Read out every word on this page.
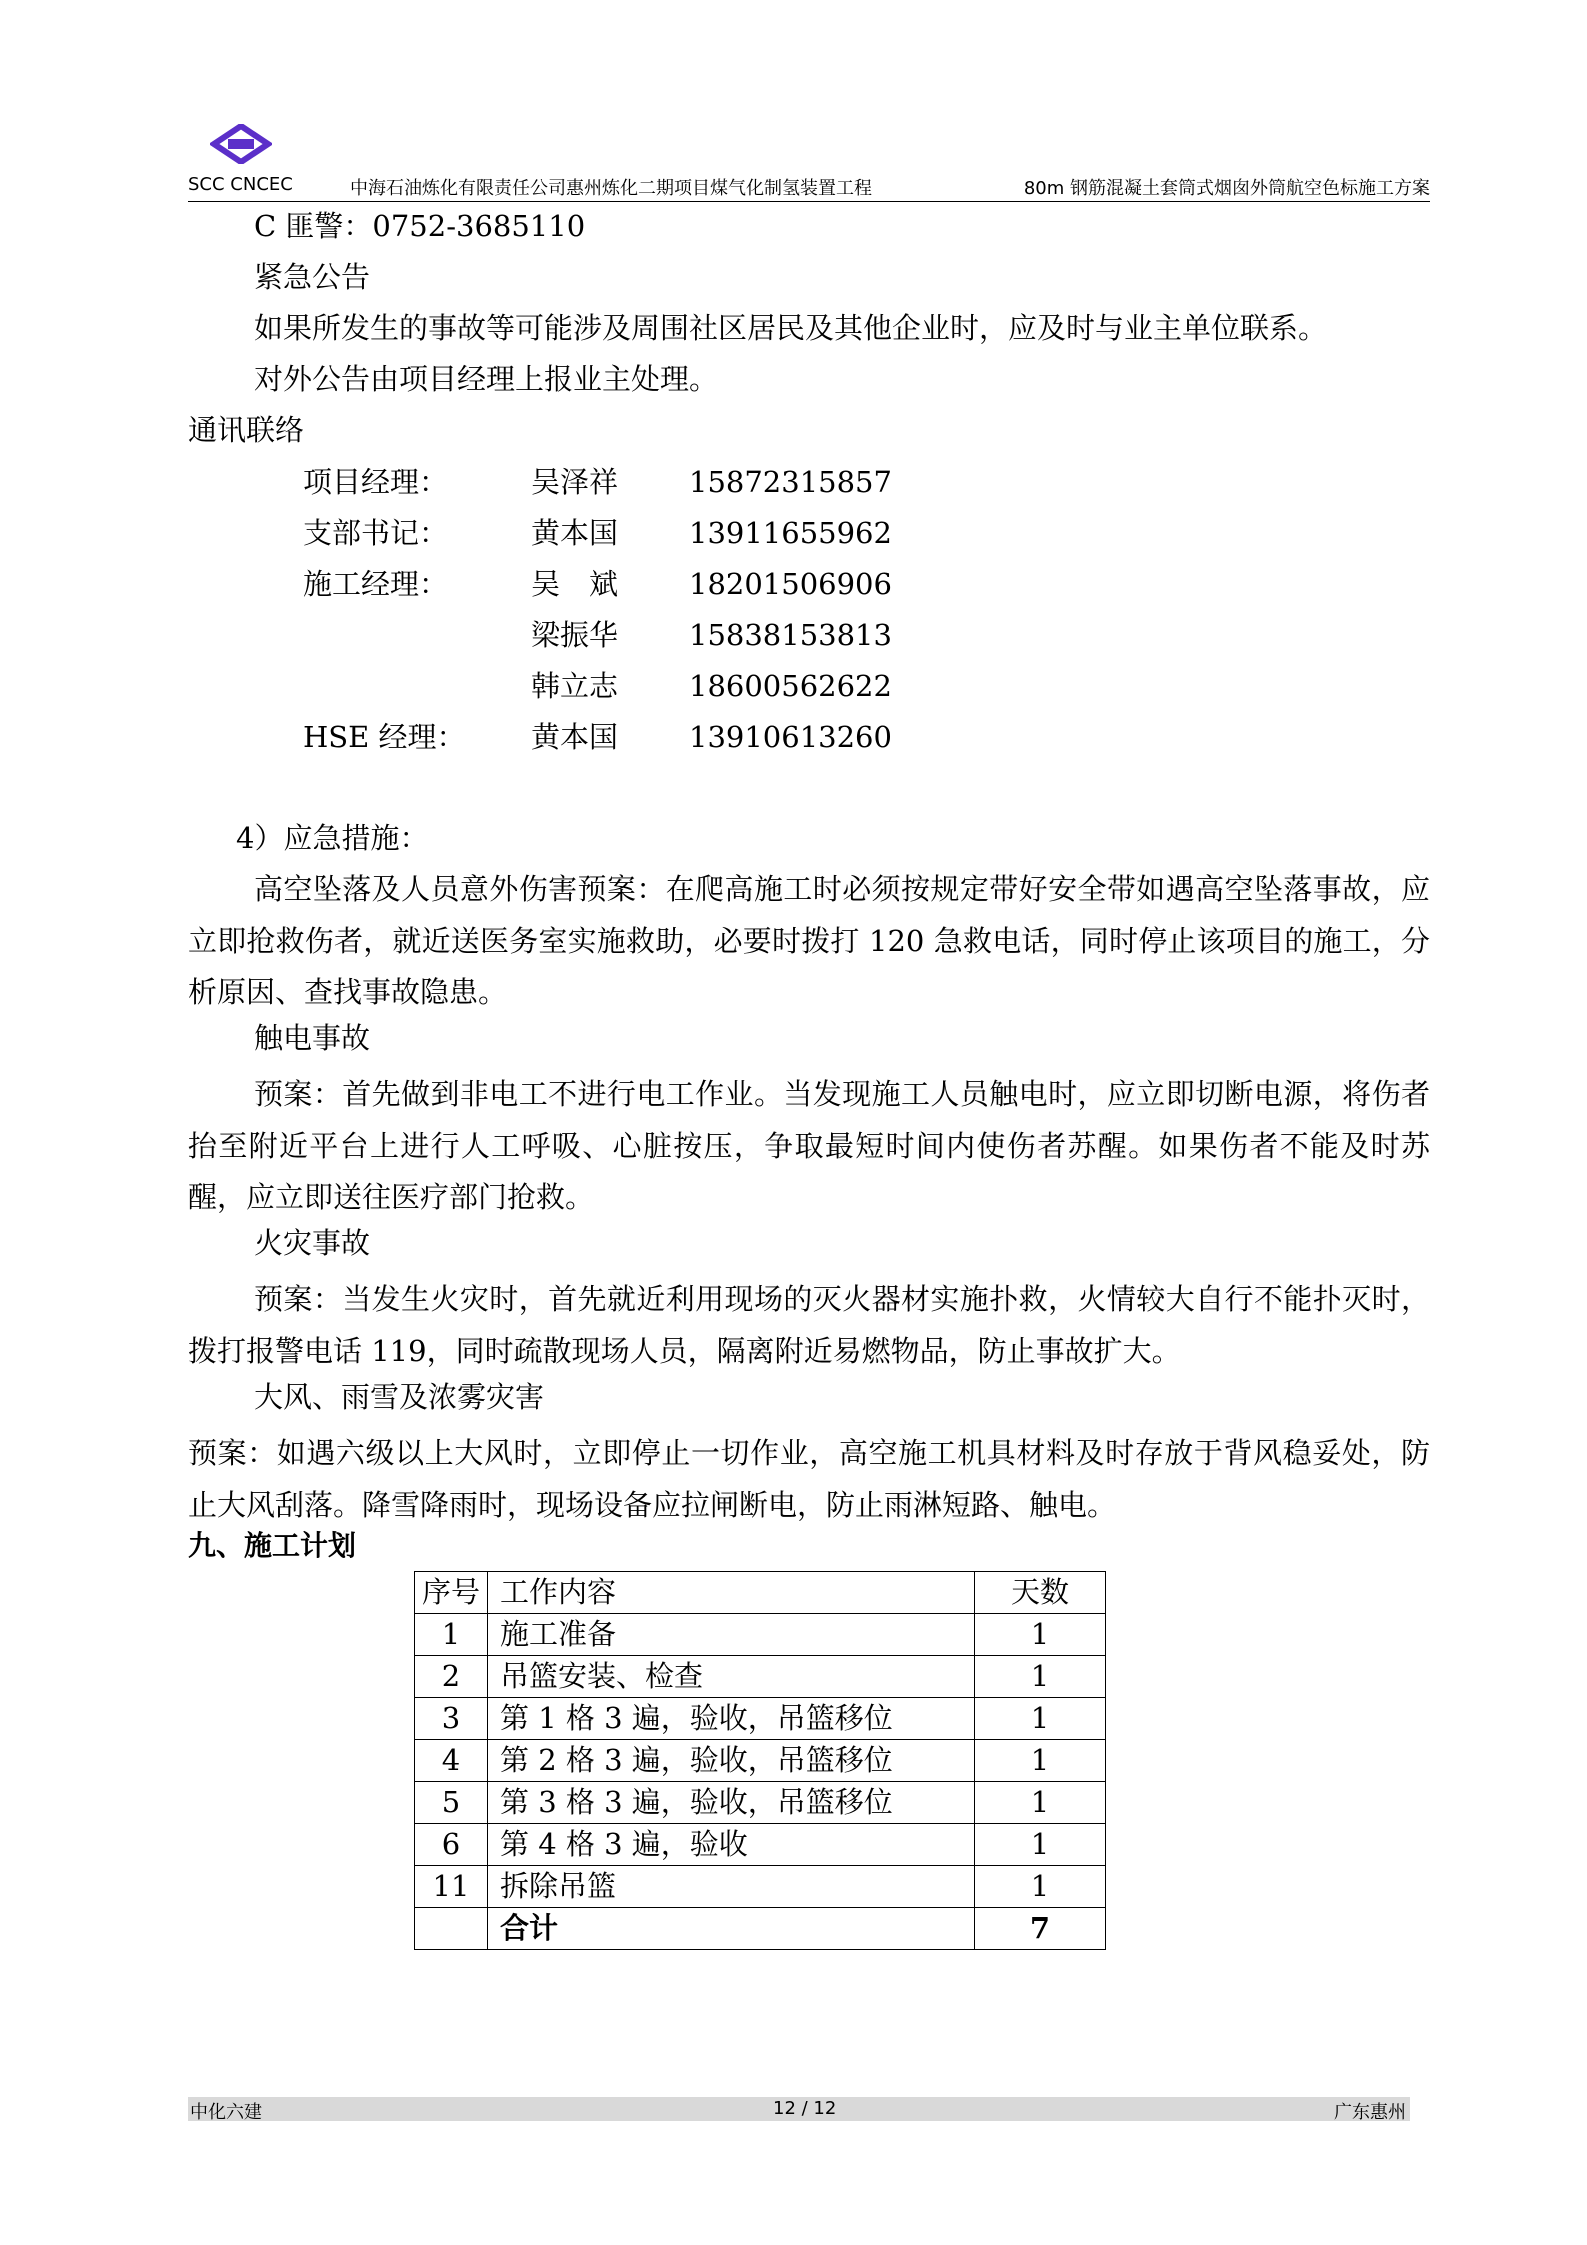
SCC CNCEC	中海石油炼化有限责任公司惠州炼化二期项目煤气化制氢装置工程	80m 钢筋混凝土套筒式烟囱外筒航空色标施工方案
C 匪警：0752-3685110
紧急公告
如果所发生的事故等可能涉及周围社区居民及其他企业时，应及时与业主单位联系。
对外公告由项目经理上报业主处理。
通讯联络
项目经理：	吴泽祥 15872315857
支部书记：	黄本国 13911655962
施工经理：	吴　斌 18201506906
梁振华 15838153813
韩立志 18600562622
HSE 经理： 黄本国 13910613260
4）应急措施：
高空坠落及人员意外伤害预案：在爬高施工时必须按规定带好安全带如遇高空坠落事故，应立即抢救伤者，就近送医务室实施救助，必要时拨打 120 急救电话，同时停止该项目的施工，分析原因、查找事故隐患。
触电事故
预案：首先做到非电工不进行电工作业。当发现施工人员触电时，应立即切断电源，将伤者抬至附近平台上进行人工呼吸、心脏按压，争取最短时间内使伤者苏醒。如果伤者不能及时苏醒，应立即送往医疗部门抢救。
火灾事故
预案：当发生火灾时，首先就近利用现场的灭火器材实施扑救，火情较大自行不能扑灭时，拨打报警电话 119，同时疏散现场人员，隔离附近易燃物品，防止事故扩大。
大风、雨雪及浓雾灾害
预案：如遇六级以上大风时，立即停止一切作业，高空施工机具材料及时存放于背风稳妥处，防止大风刮落。降雪降雨时，现场设备应拉闸断电，防止雨淋短路、触电。
九、施工计划
序号	工作内容	天数
1	施工准备	1
2	吊篮安装、检查	1
3	第 1 格 3 遍，验收，吊篮移位	1
4	第 2 格 3 遍，验收，吊篮移位	1
5	第 3 格 3 遍，验收，吊篮移位	1
6	第 4 格 3 遍，验收	1
11	拆除吊篮	1
	合计	7
中化六建	12 / 12	广东惠州
